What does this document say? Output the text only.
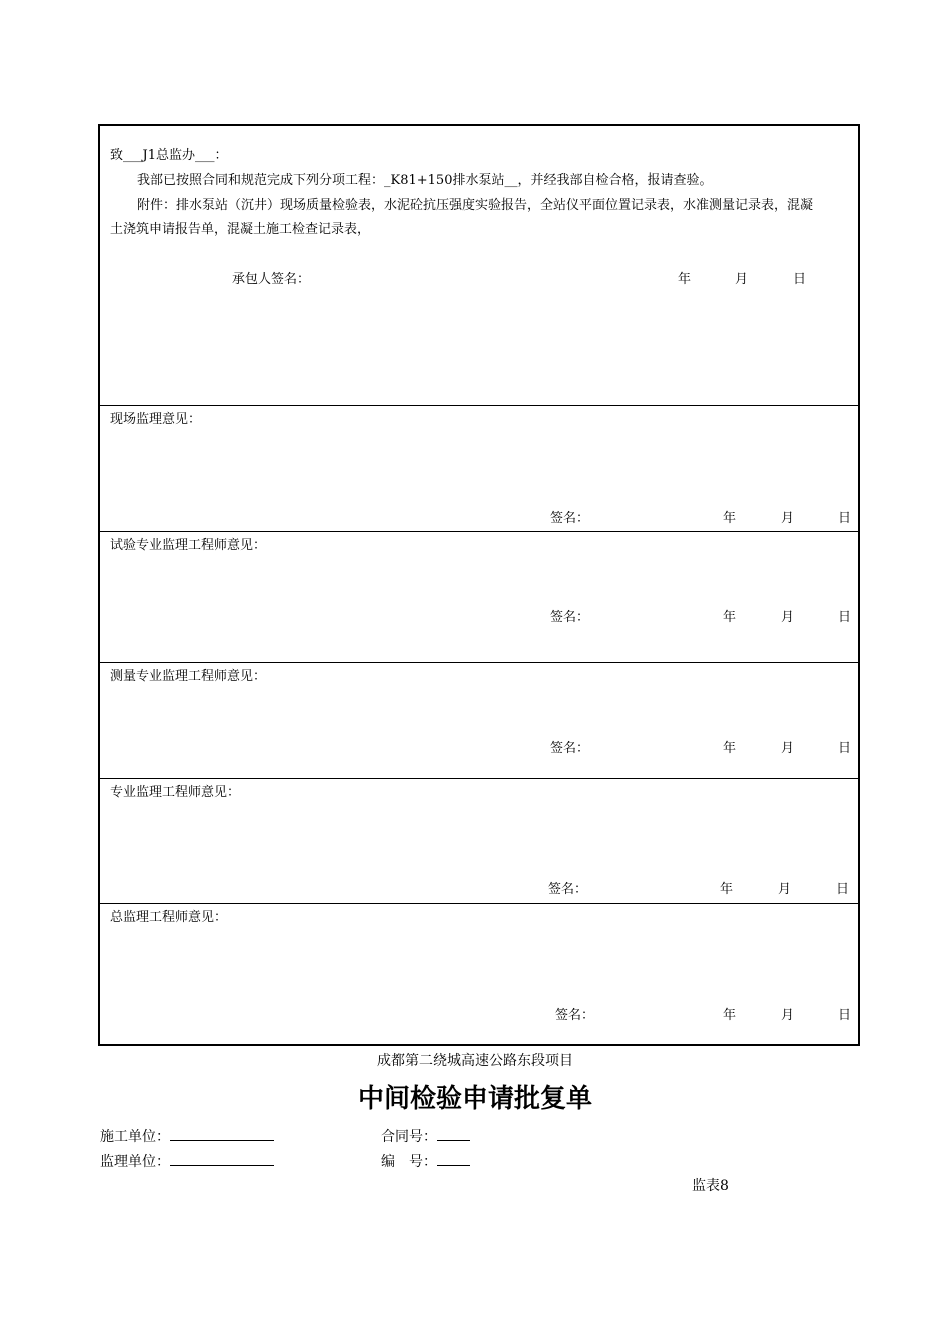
致___J1总监办___：
我部已按照合同和规范完成下列分项工程：_K81+150排水泵站__，并经我部自检合格，报请查验。
附件：排水泵站（沉井）现场质量检验表，水泥砼抗压强度实验报告，全站仪平面位置记录表，水准测量记录表，混凝
土浇筑申请报告单，混凝土施工检查记录表，
承包人签名：	年	月	日
现场监理意见：
签名：	年	月	日
试验专业监理工程师意见：
签名：	年	月	日
测量专业监理工程师意见：
签名：	年	月	日
专业监理工程师意见：
签名：	年	月	日
总监理工程师意见：
签名：	年	月	日
成都第二绕城高速公路东段项目
中间检验申请批复单
施工单位：	合同号：
监理单位：	编　号：
监表8
